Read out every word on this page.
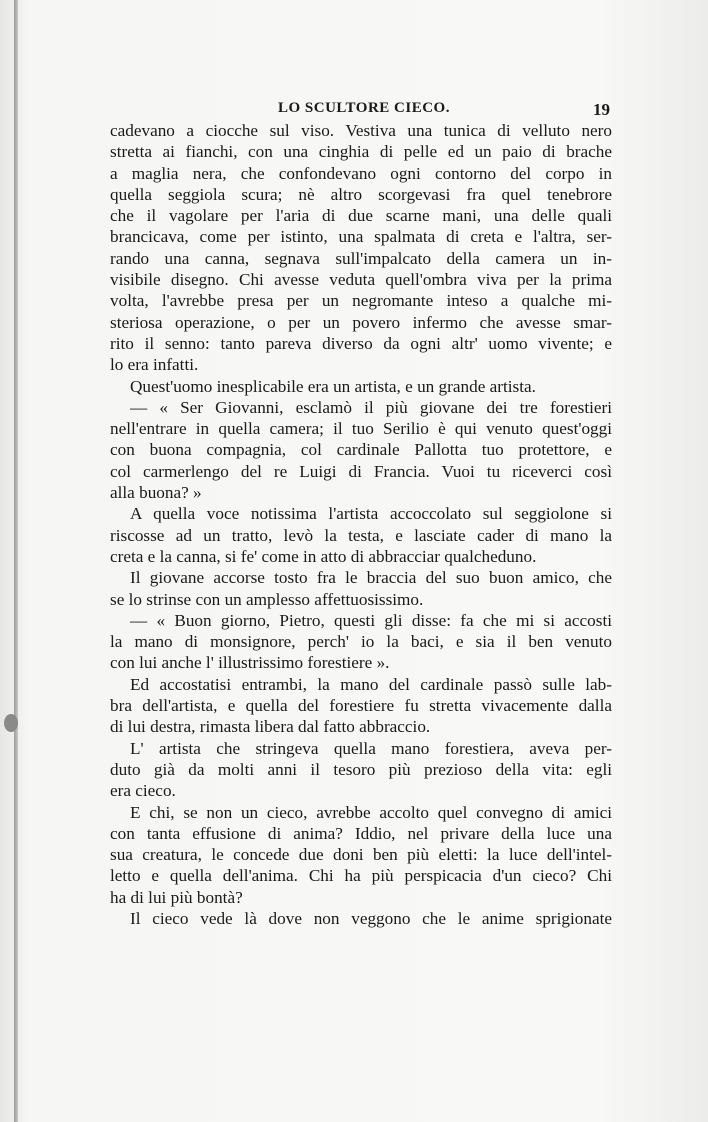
LO SCULTORE CIECO.	19

cadevano a ciocche sul viso. Vestiva una tunica di velluto nero

stretta ai fianchi, con una cinghia di pelle ed un paio di brache

a maglia nera, che confondevano ogni contorno del corpo in

quella seggiola scura; nè altro scorgevasi fra quel tenebrore

che il vagolare per l'aria di due scarne mani, una delle quali

brancicava, come per istinto, una spalmata di creta e l'altra, ser-

rando una canna, segnava sull'impalcato della camera un in-

visibile disegno. Chi avesse veduta quell'ombra viva per la prima

volta, l'avrebbe presa per un negromante inteso a qualche mi-

steriosa operazione, o per un povero infermo che avesse smar-

rito il senno: tanto pareva diverso da ogni altr' uomo vivente; e

lo era infatti.

Quest'uomo inesplicabile era un artista, e un grande artista.

— « Ser Giovanni, esclamò il più giovane dei tre forestieri

nell'entrare in quella camera; il tuo Serilio è qui venuto quest'oggi

con buona compagnia, col cardinale Pallotta tuo protettore, e

col carmerlengo del re Luigi di Francia. Vuoi tu riceverci così

alla buona? »

A quella voce notissima l'artista accoccolato sul seggiolone si

riscosse ad un tratto, levò la testa, e lasciate cader di mano la

creta e la canna, si fe' come in atto di abbracciar qualcheduno.

Il giovane accorse tosto fra le braccia del suo buon amico, che

se lo strinse con un amplesso affettuosissimo.

— « Buon giorno, Pietro, questi gli disse: fa che mi si accosti

la mano di monsignore, perch' io la baci, e sia il ben venuto

con lui anche l' illustrissimo forestiere ».

Ed accostatisi entrambi, la mano del cardinale passò sulle lab-

bra dell'artista, e quella del forestiere fu stretta vivacemente dalla

di lui destra, rimasta libera dal fatto abbraccio.

L' artista che stringeva quella mano forestiera, aveva per-

duto già da molti anni il tesoro più prezioso della vita: egli

era cieco.

E chi, se non un cieco, avrebbe accolto quel convegno di amici

con tanta effusione di anima? Iddio, nel privare della luce una

sua creatura, le concede due doni ben più eletti: la luce dell'intel-

letto e quella dell'anima. Chi ha più perspicacia d'un cieco? Chi

ha di lui più bontà?

Il cieco vede là dove non veggono che le anime sprigionate
